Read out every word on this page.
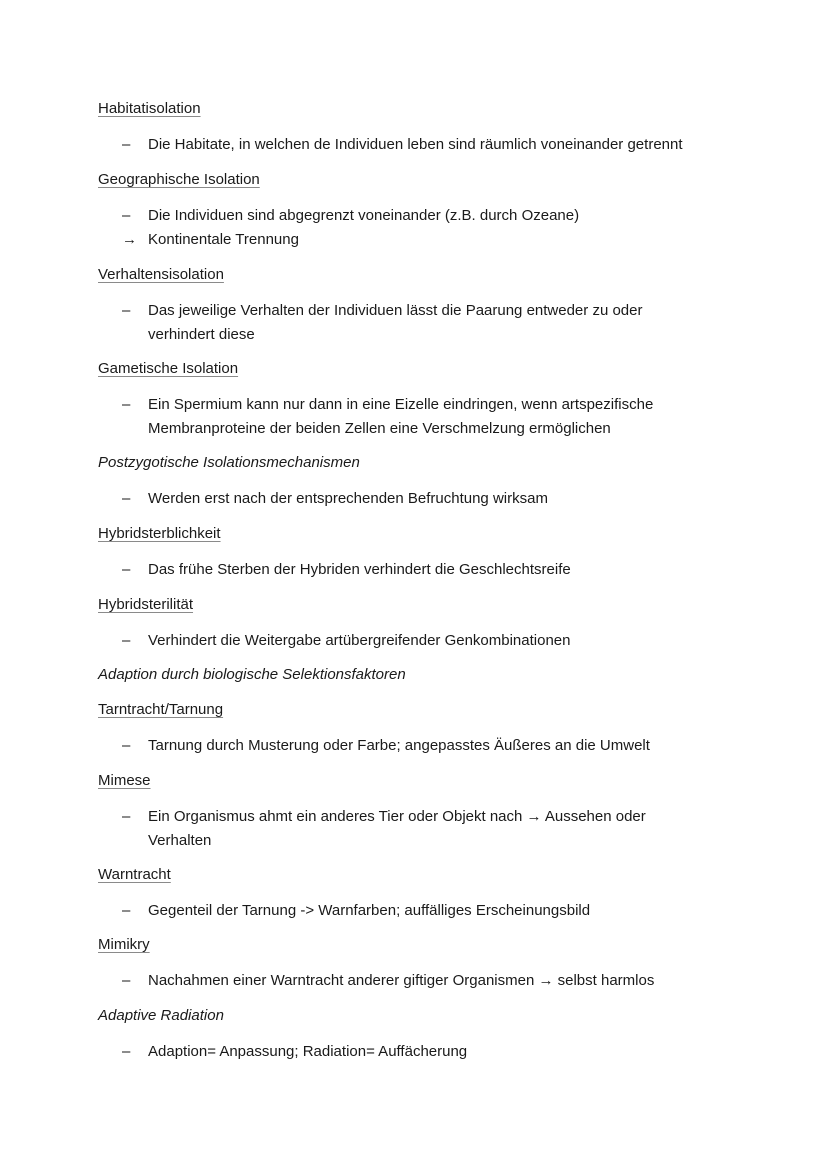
Habitatisolation
–	Die Habitate, in welchen de Individuen leben sind räumlich voneinander getrennt
Geographische Isolation
–	Die Individuen sind abgegrenzt voneinander (z.B. durch Ozeane)
→ Kontinentale Trennung
Verhaltensisolation
–	Das jeweilige Verhalten der Individuen lässt die Paarung entweder zu oder
verhindert diese
Gametische Isolation
–	Ein Spermium kann nur dann in eine Eizelle eindringen, wenn artspezifische
Membranproteine der beiden Zellen eine Verschmelzung ermöglichen
Postzygotische Isolationsmechanismen
–	Werden erst nach der entsprechenden Befruchtung wirksam
Hybridsterblichkeit
–	Das frühe Sterben der Hybriden verhindert die Geschlechtsreife
Hybridsterilität
–	Verhindert die Weitergabe artübergreifender Genkombinationen
Adaption durch biologische Selektionsfaktoren
Tarntracht/Tarnung
–	Tarnung durch Musterung oder Farbe; angepasstes Äußeres an die Umwelt
Mimese
–	Ein Organismus ahmt ein anderes Tier oder Objekt nach → Aussehen oder
Verhalten
Warntracht
–	Gegenteil der Tarnung -> Warnfarben; auffälliges Erscheinungsbild
Mimikry
–	Nachahmen einer Warntracht anderer giftiger Organismen → selbst harmlos
Adaptive Radiation
–	Adaption= Anpassung; Radiation= Auffächerung
